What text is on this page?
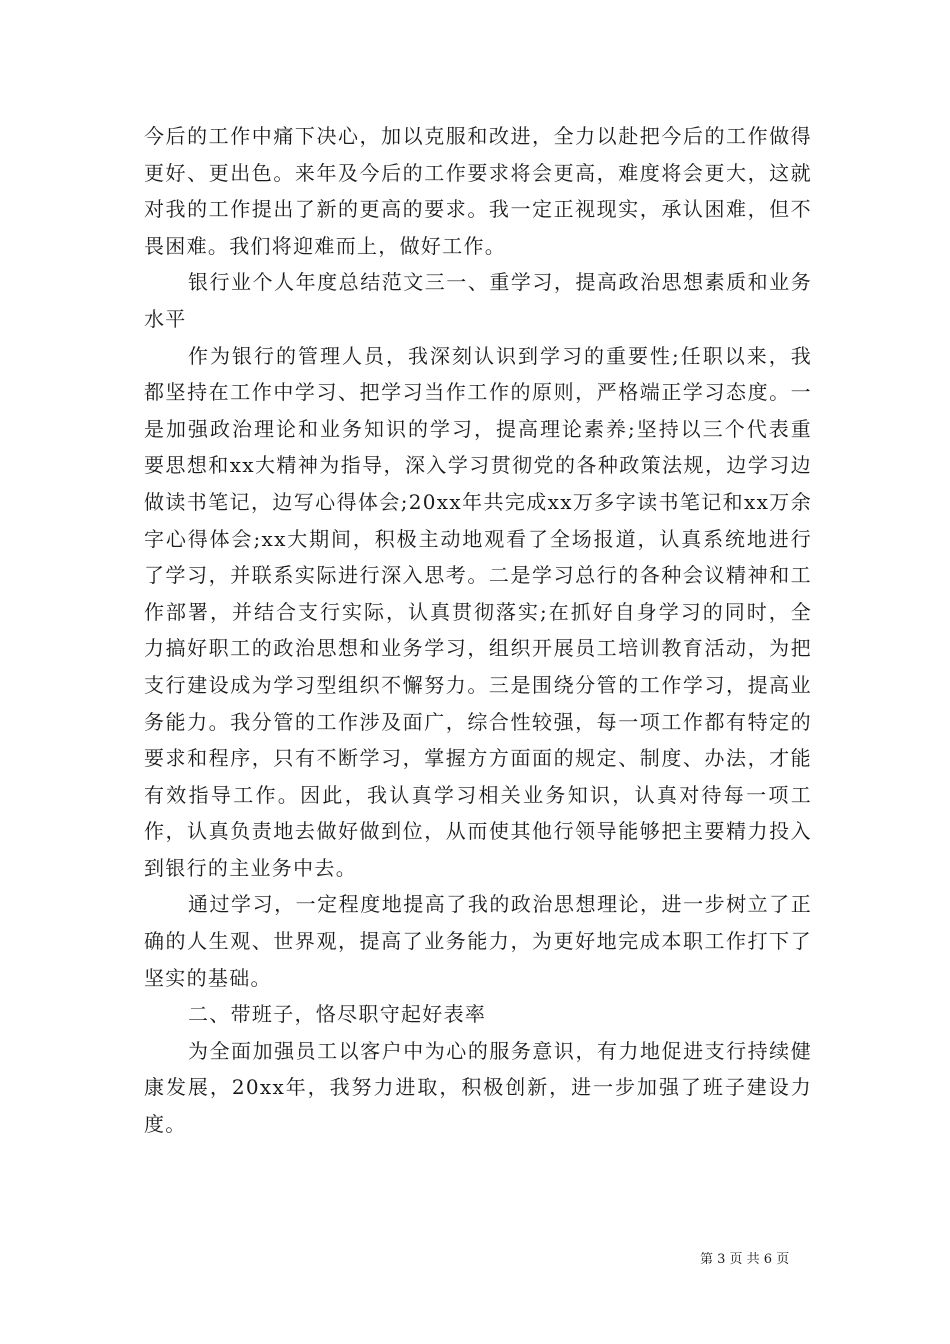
今后的工作中痛下决心，加以克服和改进，全力以赴把今后的工作做得更好、更出色。来年及今后的工作要求将会更高，难度将会更大，这就对我的工作提出了新的更高的要求。我一定正视现实，承认困难，但不畏困难。我们将迎难而上，做好工作。

银行业个人年度总结范文三一、重学习，提高政治思想素质和业务水平

作为银行的管理人员，我深刻认识到学习的重要性;任职以来，我都坚持在工作中学习、把学习当作工作的原则，严格端正学习态度。一是加强政治理论和业务知识的学习，提高理论素养;坚持以三个代表重要思想和xx大精神为指导，深入学习贯彻党的各种政策法规，边学习边做读书笔记，边写心得体会;20xx年共完成xx万多字读书笔记和xx万余字心得体会;xx大期间，积极主动地观看了全场报道，认真系统地进行了学习，并联系实际进行深入思考。二是学习总行的各种会议精神和工作部署，并结合支行实际，认真贯彻落实;在抓好自身学习的同时，全力搞好职工的政治思想和业务学习，组织开展员工培训教育活动，为把支行建设成为学习型组织不懈努力。三是围绕分管的工作学习，提高业务能力。我分管的工作涉及面广，综合性较强，每一项工作都有特定的要求和程序，只有不断学习，掌握方方面面的规定、制度、办法，才能有效指导工作。因此，我认真学习相关业务知识，认真对待每一项工作，认真负责地去做好做到位，从而使其他行领导能够把主要精力投入到银行的主业务中去。

通过学习，一定程度地提高了我的政治思想理论，进一步树立了正确的人生观、世界观，提高了业务能力，为更好地完成本职工作打下了坚实的基础。

二、带班子，恪尽职守起好表率

为全面加强员工以客户中为心的服务意识，有力地促进支行持续健康发展，20xx年，我努力进取，积极创新，进一步加强了班子建设力度。

第 3 页 共 6 页
